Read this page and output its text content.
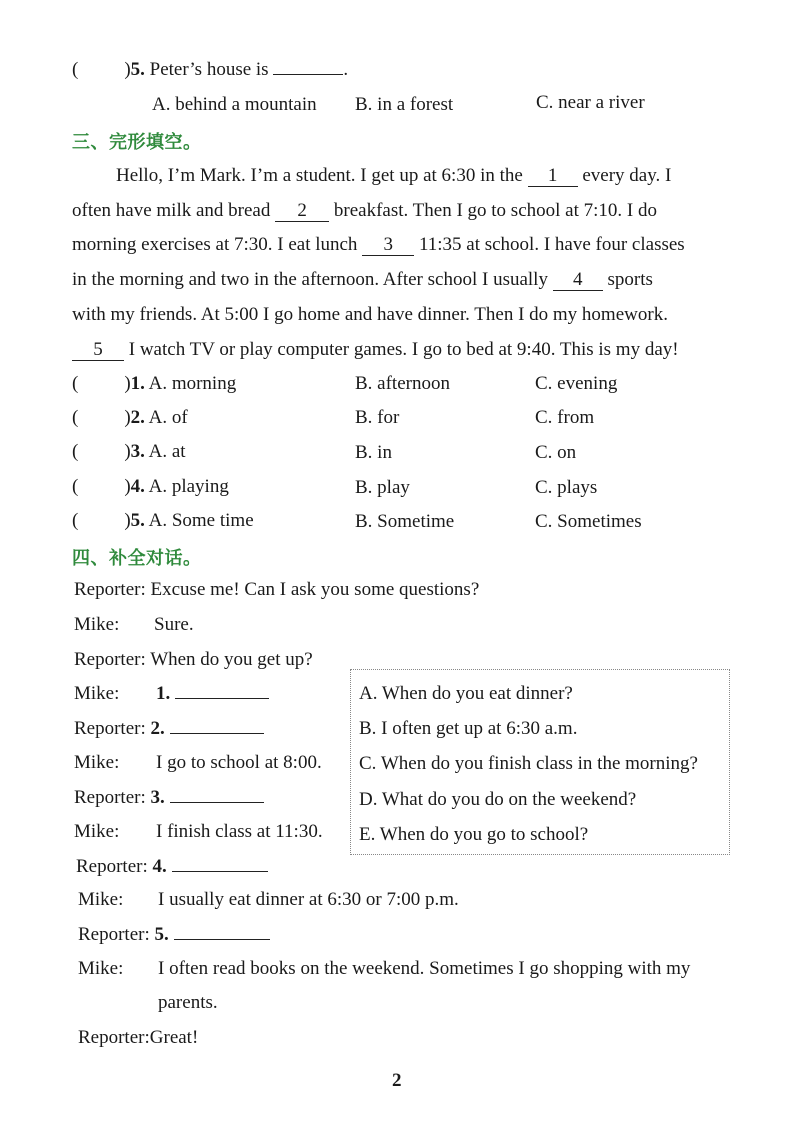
( )5. Peter’s house is	.
A. behind a mountain B. in a forest	C. near a river
三、完形填空。
Hello, I’m Mark. I’m a student. I get up at 6:30 in the 1 every day. I
often have milk and bread 2 breakfast. Then I go to school at 7:10. I do
morning exercises at 7:30. I eat lunch 3 11:35 at school. I have four classes
in the morning and two in the afternoon. After school I usually 4 sports
with my friends. At 5:00 I go home and have dinner. Then I do my homework.
5 I watch TV or play computer games. I go to bed at 9:40. This is my day!
( )1. A. morning	B. afternoon	C. evening
( )2. A. of	B. for	C. from
( )3. A. at	B. in	C. on
( )4. A. playing	B. play	C. plays
( )5. A. Some time	B. Sometime	C. Sometimes
四、补全对话。
Reporter: Excuse me! Can I ask you some questions?
Mike: Sure.
Reporter: When do you get up?
Mike: 1.
Reporter: 2.
Mike: I go to school at 8:00.
Reporter: 3.
Mike: I finish class at 11:30.
Reporter: 4.
Mike: I usually eat dinner at 6:30 or 7:00 p.m.
Reporter: 5.
Mike: I often read books on the weekend. Sometimes I go shopping with my
parents.
Reporter:Great!
A. When do you eat dinner?
B. I often get up at 6:30 a.m.
C. When do you finish class in the morning?
D. What do you do on the weekend?
E. When do you go to school?
2
